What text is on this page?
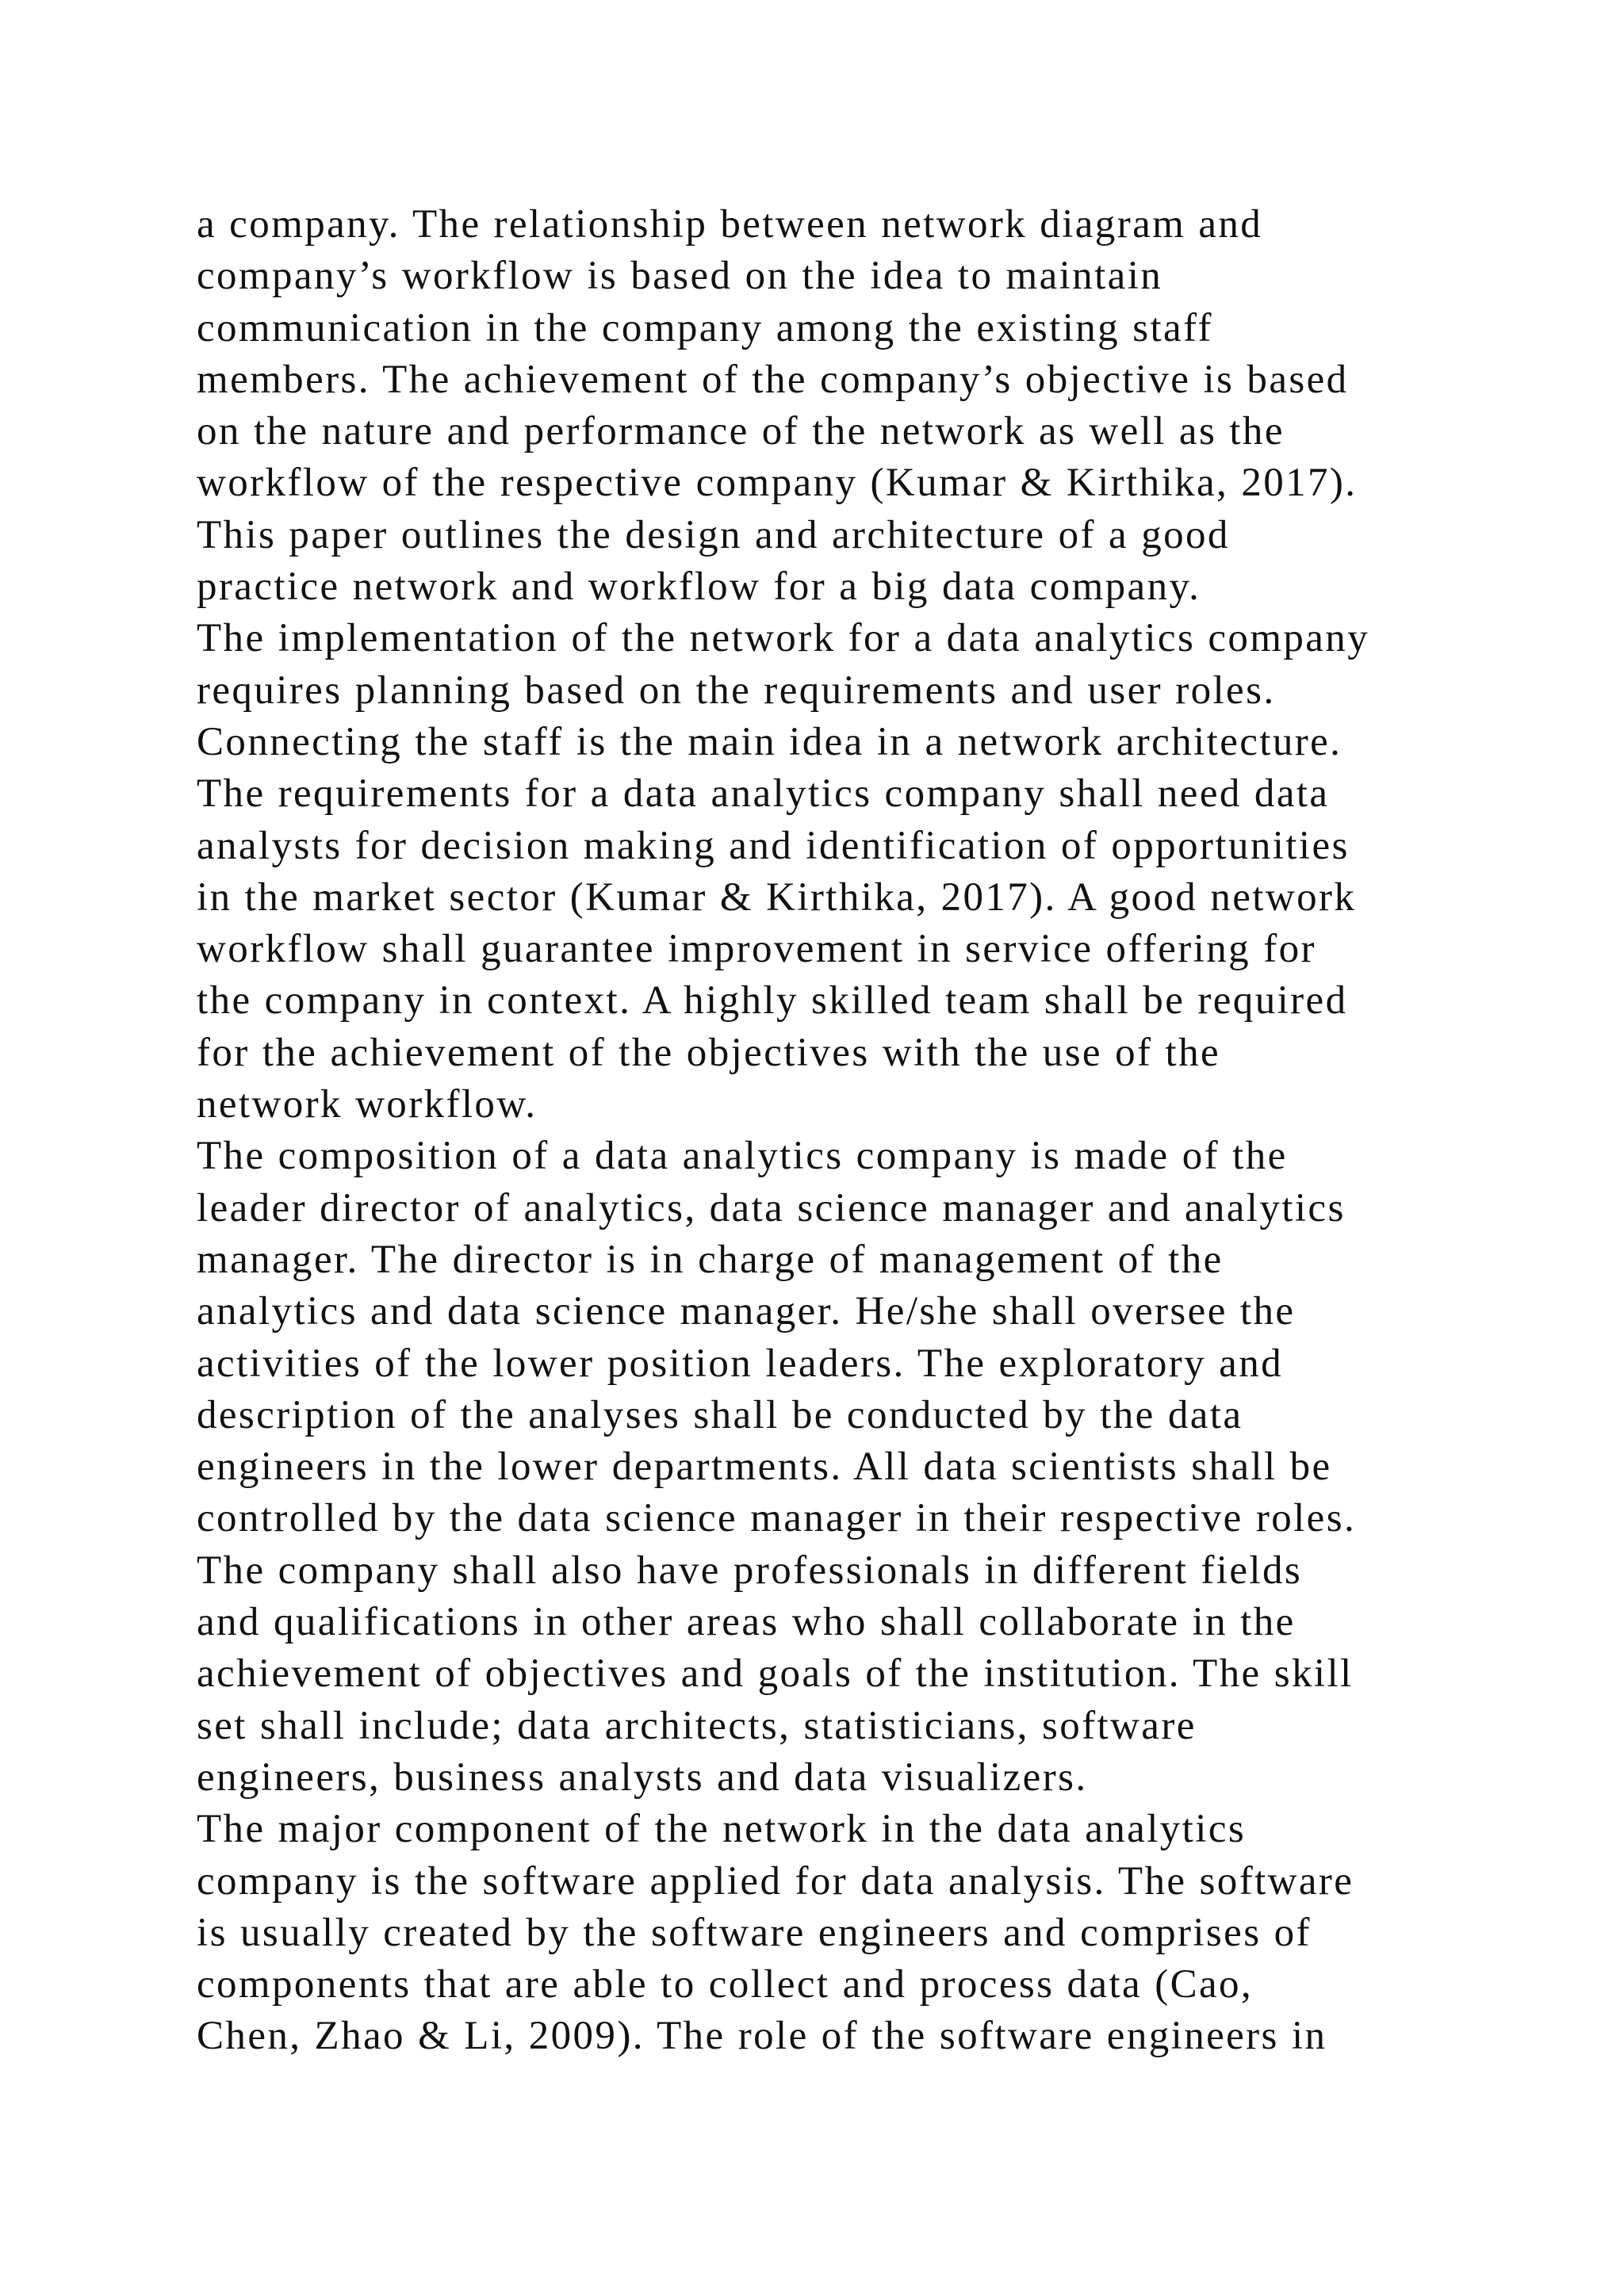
a company. The relationship between network diagram and
company’s workflow is based on the idea to maintain
communication in the company among the existing staff
members. The achievement of the company’s objective is based
on the nature and performance of the network as well as the
workflow of the respective company (Kumar & Kirthika, 2017).
This paper outlines the design and architecture of a good
practice network and workflow for a big data company.
The implementation of the network for a data analytics company
requires planning based on the requirements and user roles.
Connecting the staff is the main idea in a network architecture.
The requirements for a data analytics company shall need data
analysts for decision making and identification of opportunities
in the market sector (Kumar & Kirthika, 2017). A good network
workflow shall guarantee improvement in service offering for
the company in context. A highly skilled team shall be required
for the achievement of the objectives with the use of the
network workflow.
The composition of a data analytics company is made of the
leader director of analytics, data science manager and analytics
manager. The director is in charge of management of the
analytics and data science manager. He/she shall oversee the
activities of the lower position leaders. The exploratory and
description of the analyses shall be conducted by the data
engineers in the lower departments. All data scientists shall be
controlled by the data science manager in their respective roles.
The company shall also have professionals in different fields
and qualifications in other areas who shall collaborate in the
achievement of objectives and goals of the institution. The skill
set shall include; data architects, statisticians, software
engineers, business analysts and data visualizers.
The major component of the network in the data analytics
company is the software applied for data analysis. The software
is usually created by the software engineers and comprises of
components that are able to collect and process data (Cao,
Chen, Zhao & Li, 2009). The role of the software engineers in
